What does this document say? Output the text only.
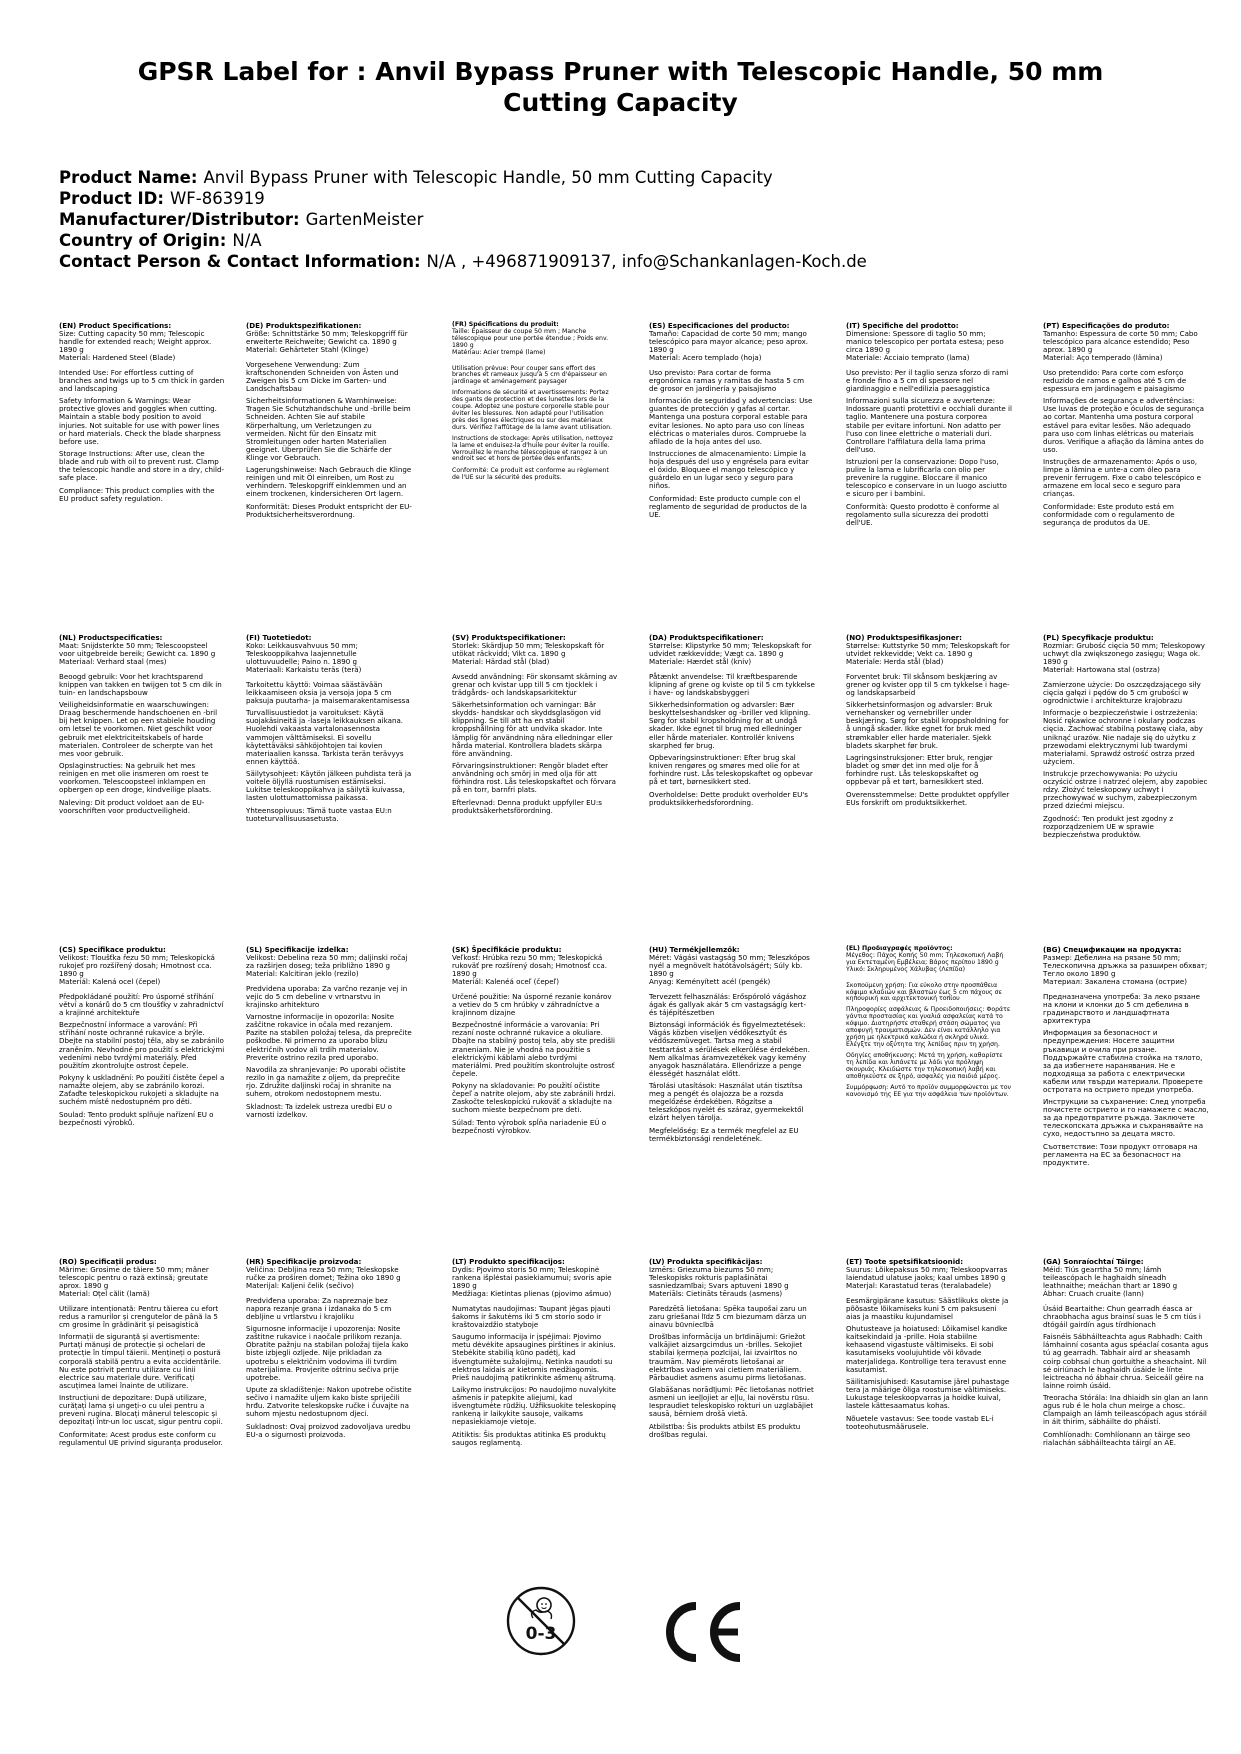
GPSR Label for : Anvil Bypass Pruner with Telescopic Handle, 50 mm Cutting Capacity
Product Name: Anvil Bypass Pruner with Telescopic Handle, 50 mm Cutting Capacity
Product ID: WF-863919
Manufacturer/Distributor: GartenMeister
Country of Origin: N/A
Contact Person & Contact Information: N/A , +496871909137, info@Schankanlagen-Koch.de
(EN) Product Specifications:

Size: Cutting capacity 50 mm; Telescopic handle for extended reach; Weight approx. 1890 g

Material: Hardened Steel (Blade)

Intended Use: For effortless cutting of branches and twigs up to 5 cm thick in garden and landscaping

Safety Information & Warnings: Wear protective gloves and goggles when cutting. Maintain a stable body position to avoid injuries. Not suitable for use with power lines or hard materials. Check the blade sharpness before use.

Storage Instructions: After use, clean the blade and rub with oil to prevent rust. Clamp the telescopic handle and store in a dry, child-safe place.

Compliance: This product complies with the EU product safety regulation.

(DE) Produktspezifikationen:

Größe: Schnittstärke 50 mm; Teleskopgriff für erweiterte Reichweite; Gewicht ca. 1890 g

Material: Gehärteter Stahl (Klinge)

Vorgesehene Verwendung: Zum kraftschonenden Schneiden von Ästen und Zweigen bis 5 cm Dicke im Garten- und Landschaftsbau

Sicherheitsinformationen & Warnhinweise: Tragen Sie Schutzhandschuhe und -brille beim Schneiden. Achten Sie auf stabile Körperhaltung, um Verletzungen zu vermeiden. Nicht für den Einsatz mit Stromleitungen oder harten Materialien geeignet. Überprüfen Sie die Schärfe der Klinge vor Gebrauch.

Lagerungshinweise: Nach Gebrauch die Klinge reinigen und mit Öl einreiben, um Rost zu verhindern. Teleskopgriff einklemmen und an einem trockenen, kindersicheren Ort lagern.

Konformität: Dieses Produkt entspricht der EU-Produktsicherheitsverordnung.

(FR) Spécifications du produit:

Taille: Épaisseur de coupe 50 mm ; Manche télescopique pour une portée étendue ; Poids env. 1890 g

Matériau: Acier trempé (lame)

Utilisation prévue: Pour couper sans effort des branches et rameaux jusqu'à 5 cm d'épaisseur en jardinage et aménagement paysager

Informations de sécurité et avertissements: Portez des gants de protection et des lunettes lors de la coupe. Adoptez une posture corporelle stable pour éviter les blessures. Non adapté pour l'utilisation près des lignes électriques ou sur des matériaux durs. Vérifiez l'affûtage de la lame avant utilisation.

Instructions de stockage: Après utilisation, nettoyez la lame et enduisez-la d'huile pour éviter la rouille. Verrouillez le manche télescopique et rangez à un endroit sec et hors de portée des enfants.

Conformité: Ce produit est conforme au règlement de l'UE sur la sécurité des produits.

(ES) Especificaciones del producto:

Tamaño: Capacidad de corte 50 mm; mango telescópico para mayor alcance; peso aprox. 1890 g

Material: Acero templado (hoja)

Uso previsto: Para cortar de forma ergonómica ramas y ramitas de hasta 5 cm de grosor en jardinería y paisajismo

Información de seguridad y advertencias: Use guantes de protección y gafas al cortar. Mantenga una postura corporal estable para evitar lesiones. No apto para uso con líneas eléctricas o materiales duros. Compruebe la afilado de la hoja antes del uso.

Instrucciones de almacenamiento: Limpie la hoja después del uso y engrésela para evitar el óxido. Bloquee el mango telescópico y guárdelo en un lugar seco y seguro para niños.

Conformidad: Este producto cumple con el reglamento de seguridad de productos de la UE.

(IT) Specifiche del prodotto:

Dimensione: Spessore di taglio 50 mm; manico telescopico per portata estesa; peso circa 1890 g

Materiale: Acciaio temprato (lama)

Uso previsto: Per il taglio senza sforzo di rami e fronde fino a 5 cm di spessore nel giardinaggio e nell'edilizia paesaggistica

Informazioni sulla sicurezza e avvertenze: Indossare guanti protettivi e occhiali durante il taglio. Mantenere una postura corporea stabile per evitare infortuni. Non adatto per l'uso con linee elettriche o materiali duri. Controllare l'affilatura della lama prima dell'uso.

Istruzioni per la conservazione: Dopo l'uso, pulire la lama e lubrificarla con olio per prevenire la ruggine. Bloccare il manico telescopico e conservare in un luogo asciutto e sicuro per i bambini.

Conformità: Questo prodotto è conforme al regolamento sulla sicurezza dei prodotti dell'UE.

(PT) Especificações do produto:

Tamanho: Espessura de corte 50 mm; Cabo telescópico para alcance estendido; Peso aprox. 1890 g

Material: Aço temperado (lâmina)

Uso pretendido: Para corte com esforço reduzido de ramos e galhos até 5 cm de espessura em jardinagem e paisagismo

Informações de segurança e advertências: Use luvas de proteção e óculos de segurança ao cortar. Mantenha uma postura corporal estável para evitar lesões. Não adequado para uso com linhas elétricas ou materiais duros. Verifique a afiação da lâmina antes do uso.

Instruções de armazenamento: Após o uso, limpe a lâmina e unte-a com óleo para prevenir ferrugem. Fixe o cabo telescópico e armazene em local seco e seguro para crianças.

Conformidade: Este produto está em conformidade com o regulamento de segurança de produtos da UE.

(NL) Productspecificaties:

Maat: Snijdsterkte 50 mm; Telescoopsteel voor uitgebreide bereik; Gewicht ca. 1890 g

Materiaal: Verhard staal (mes)

Beoogd gebruik: Voor het krachtsparend knippen van takken en twijgen tot 5 cm dik in tuin- en landschapsbouw

Veiligheidsinformatie en waarschuwingen: Draag beschermende handschoenen en -bril bij het knippen. Let op een stabiele houding om letsel te voorkomen. Niet geschikt voor gebruik met elektriciteitskabels of harde materialen. Controleer de scherpte van het mes voor gebruik.

Opslaginstructies: Na gebruik het mes reinigen en met olie insmeren om roest te voorkomen. Telescoopsteel inklampen en opbergen op een droge, kindveilige plaats.

Naleving: Dit product voldoet aan de EU-voorschriften voor productveiligheid.

(FI) Tuotetiedot:

Koko: Leikkausvahvuus 50 mm; Teleskooppikahva laajennetulle ulottuvuudelle; Paino n. 1890 g

Materiaali: Karkaistu teräs (terä)

Tarkoitettu käyttö: Voimaa säästävään leikkaamiseen oksia ja versoja jopa 5 cm paksuja puutarha- ja maisemarakentamisessa

Turvallisuustiedot ja varoitukset: Käytä suojakäsineitä ja -laseja leikkauksen aikana. Huolehdi vakaasta vartalonasennosta vammojen välttämiseksi. Ei sovellu käytettäväksi sähköjohtojen tai kovien materiaalien kanssa. Tarkista terän terävyys ennen käyttöä.

Säilytysohjeet: Käytön jälkeen puhdista terä ja voitele öljyllä ruostumisen estämiseksi. Lukitse teleskooppikahva ja säilytä kuivassa, lasten ulottumattomissa paikassa.

Yhteensopivuus: Tämä tuote vastaa EU:n tuoteturvallisuusasetusta.

(SV) Produktspecifikationer:

Storlek: Skärdjup 50 mm; Teleskopskaft för utökat räckvidd; Vikt ca. 1890 g

Material: Härdad stål (blad)

Avsedd användning: För skonsamt skärning av grenar och kvistar upp till 5 cm tjocklek i trädgårds- och landskapsarkitektur

Säkerhetsinformation och varningar: Bär skydds- handskar och skyddsglasögon vid klippning. Se till att ha en stabil kroppshållning för att undvika skador. Inte lämplig för användning nära elledningar eller hårda material. Kontrollera bladets skärpa före användning.

Förvaringsinstruktioner: Rengör bladet efter användning och smörj in med olja för att förhindra rost. Lås teleskopskaftet och förvara på en torr, barnfri plats.

Efterlevnad: Denna produkt uppfyller EU:s produktsäkerhetsförordning.

(DA) Produktspecifikationer:

Størrelse: Klipstyrke 50 mm; Teleskopskaft for udvidet rækkevidde; Vægt ca. 1890 g

Materiale: Hærdet stål (kniv)

Påtænkt anvendelse: Til kræftbesparende klipning af grene og kviste op til 5 cm tykkelse i have- og landskabsbyggeri

Sikkerhedsinformation og advarsler: Bær beskyttelseshandsker og -briller ved klipning. Sørg for stabil kropsholdning for at undgå skader. Ikke egnet til brug med elledninger eller hårde materialer. Kontrollér knivens skarphed før brug.

Opbevaringsinstruktioner: Efter brug skal kniven rengøres og smøres med olie for at forhindre rust. Lås teleskopskaftet og opbevar på et tørt, børnesikkert sted.

Overholdelse: Dette produkt overholder EU's produktsikkerhedsforordning.

(NO) Produktspesifikasjoner:

Størrelse: Kuttstyrke 50 mm; Teleskopskaft for utvidet rekkevidde; Vekt ca. 1890 g

Materiale: Herda stål (blad)

Forventet bruk: Til skånsom beskjæring av grener og kvister opp til 5 cm tykkelse i hage- og landskapsarbeid

Sikkerhetsinformasjon og advarsler: Bruk vernehansker og vernebriller under beskjæring. Sørg for stabil kroppsholdning for å unngå skader. Ikke egnet for bruk med strømkabler eller harde materialer. Sjekk bladets skarphet før bruk.

Lagringsinstruksjoner: Etter bruk, rengjør bladet og smør det inn med olje for å forhindre rust. Lås teleskopskaftet og oppbevar på et tørt, barnesikkert sted.

Overensstemmelse: Dette produktet oppfyller EUs forskrift om produktsikkerhet.

(PL) Specyfikacje produktu:

Rozmiar: Grubość cięcia 50 mm; Teleskopowy uchwyt dla zwiększonego zasięgu; Waga ok. 1890 g

Materiał: Hartowana stal (ostrza)

Zamierzone użycie: Do oszczędzającego siły cięcia gałęzi i pędów do 5 cm grubości w ogrodnictwie i architekturze krajobrazu

Informacje o bezpieczeństwie i ostrzeżenia: Nosić rękawice ochronne i okulary podczas cięcia. Zachować stabilną postawę ciała, aby uniknąć urazów. Nie nadaje się do użytku z przewodami elektrycznymi lub twardymi materiałami. Sprawdź ostrość ostrza przed użyciem.

Instrukcje przechowywania: Po użyciu oczyścić ostrze i natrzeć olejem, aby zapobiec rdzy. Złożyć teleskopowy uchwyt i przechowywać w suchym, zabezpieczonym przed dziećmi miejscu.

Zgodność: Ten produkt jest zgodny z rozporządzeniem UE w sprawie bezpieczeństwa produktów.

(CS) Specifikace produktu:

Velikost: Tloušťka řezu 50 mm; Teleskopická rukojeť pro rozšířený dosah; Hmotnost cca. 1890 g

Materiál: Kalená ocel (čepel)

Předpokládané použití: Pro úsporné stříhání větví a konárů do 5 cm tloušťky v zahradnictví a krajinné architektuře

Bezpečnostní informace a varování: Při stříhání noste ochranné rukavice a brýle. Dbejte na stabilní postoj těla, aby se zabránilo zraněním. Nevhodné pro použití s elektrickými vedeními nebo tvrdými materiály. Před použitím zkontrolujte ostrost čepele.

Pokyny k uskladnění: Po použití čistěte čepel a namažte olejem, aby se zabránilo korozi. Zaťaďte teleskopickou rukojeti a skladujte na suchém místě nedostupném pro děti.

Soulad: Tento produkt splňuje nařízení EU o bezpečnosti výrobků.

(SL) Specifikacije izdelka:

Velikost: Debelina reza 50 mm; daljinski ročaj za razširjen doseg; teža približno 1890 g

Material: Kalcitiran jeklo (rezilo)

Predvidena uporaba: Za varčno rezanje vej in vejic do 5 cm debeline v vrtnarstvu in krajinsko arhitekturo

Varnostne informacije in opozorila: Nosite zaščitne rokavice in očala med rezanjem. Pazite na stabilen položaj telesa, da preprečite poškodbe. Ni primerno za uporabo blizu električnih vodov ali trdih materialov. Preverite ostrino rezila pred uporabo.

Navodila za shranjevanje: Po uporabi očistite rezilo in ga namažite z oljem, da preprečite rjo. Združite daljinski ročaj in shranite na suhem, otrokom nedostopnem mestu.

Skladnost: Ta izdelek ustreza uredbi EU o varnosti izdelkov.

(SK) Špecifikácie produktu:

Veľkosť: Hrúbka rezu 50 mm; Teleskopická rukoväť pre rozšírený dosah; Hmotnosť cca. 1890 g

Materiál: Kalenéá oceľ (čepeľ)

Určené použitie: Na úsporné rezanie konárov a vetiev do 5 cm hrúbky v záhradníctve a krajinnom dizajne

Bezpečnostné informácie a varovania: Pri rezaní noste ochranné rukavice a okuliare. Dbajte na stabilný postoj tela, aby ste predišli zraneniam. Nie je vhodná na použitie s elektrickými káblami alebo tvrdými materiálmi. Pred použitím skontrolujte ostrosť čepele.

Pokyny na skladovanie: Po použití očistite čepeľ a natrite olejom, aby ste zabránili hrdzi. Zaskočte teleskopickú rukoväť a skladujte na suchom mieste bezpečnom pre deti.

Súlad: Tento výrobok spĺňa nariadenie EÚ o bezpečnosti výrobkov.

(HU) Termékjellemzők:

Méret: Vágási vastagság 50 mm; Teleszkópos nyél a megnövelt hatótávolságért; Súly kb. 1890 g

Anyag: Keményített acél (pengék)

Tervezett felhasználás: Erőspóroló vágáshoz ágak és gallyak akár 5 cm vastagságig kert- és tájépítészetben

Biztonsági információk és figyelmeztetések: Vágás közben viseljen védőkesztyűt és védőszemüveget. Tartsa meg a stabil testtartást a sérülések elkerülése érdekében. Nem alkalmas áramvezetékek vagy kemény anyagok használatára. Ellenőrizze a penge élességét használat előtt.

Tárolási utasítások: Használat után tisztítsa meg a pengét és olajozza be a rozsda megelőzése érdekében. Rögzítse a teleszkópos nyelét és száraz, gyermekektől elzárt helyen tárolja.

Megfelelőség: Ez a termék megfelel az EU termékbiztonsági rendeletének.

(EL) Προδιαγραφές προϊόντος:

Μέγεθος: Πάχος Κοπής 50 mm; Τηλεσκοπική Λαβή για Εκτεταμένη Εμβέλεια; Βάρος περίπου 1890 g

Υλικό: Σκληρυμένος Χάλυβας (Λεπίδα)

Σκοπούμενη χρήση: Για εύκολο στην προσπάθεια κόψιμο κλαδιών και βλαστών έως 5 cm πάχους σε κηπουρική και αρχιτεκτονική τοπίου

Πληροφορίες ασφάλειας & Προειδοποιήσεις: Φοράτε γάντια προστασίας και γυαλιά ασφαλείας κατά το κόψιμο. Διατηρήστε σταθερή στάση σώματος για αποφυγή τραυματισμών. Δεν είναι κατάλληλο για χρήση με ηλεκτρικά καλώδια ή σκληρά υλικά. Ελέγξτε την οξύτητα της λεπίδας πριν τη χρήση.

Οδηγίες αποθήκευσης: Μετά τη χρήση, καθαρίστε τη λεπίδα και λιπάνετε με λάδι για πρόληψη σκουριάς. Κλειδώστε την τηλεσκοπική λαβή και αποθηκεύστε σε ξηρό, ασφαλές για παιδιά μέρος.

Συμμόρφωση: Αυτό το προϊόν συμμορφώνεται με τον κανονισμό της ΕΕ για την ασφάλεια των προϊόντων.

(BG) Спецификации на продукта:

Размер: Дебелина на рязане 50 mm; Телескопична дръжка за разширен обхват; Тегло около 1890 g

Материал: Закалена стомана (острие)

Предназначена употреба: За леко рязане на клони и клонки до 5 cm дебелина в градинарството и ландшафтната архитектура

Информация за безопасност и предупреждения: Носете защитни ръкавици и очила при рязане. Поддържайте стабилна стойка на тялото, за да избегнете наранявания. Не е подходяща за работа с електрически кабели или твърди материали. Проверете остротата на острието преди употреба.

Инструкции за съхранение: След употреба почистете острието и го намажете с масло, за да предотвратите ръжда. Заключете телескопската дръжка и съхранявайте на сухо, недостъпно за децата място.

Съответствие: Този продукт отговаря на регламента на ЕС за безопасност на продуктите.

(RO) Specificații produs:

Mărime: Grosime de tăiere 50 mm; mâner telescopic pentru o rază extinsă; greutate aprox. 1890 g

Material: Oțel călit (lamă)

Utilizare intenționată: Pentru tăierea cu efort redus a ramurilor și crengutelor de până la 5 cm grosime în grădinărit și peisagistică

Informații de siguranță și avertismente: Purtați mănuși de protecție și ochelari de protecție în timpul tăierii. Mențineți o postură corporală stabilă pentru a evita accidentările. Nu este potrivit pentru utilizare cu linii electrice sau materiale dure. Verificați ascuțimea lamei înainte de utilizare.

Instrucțiuni de depozitare: După utilizare, curățați lama și ungeți-o cu ulei pentru a preveni rugina. Blocați mânerul telescopic și depozitați într-un loc uscat, sigur pentru copii.

Conformitate: Acest produs este conform cu regulamentul UE privind siguranța produselor.

(HR) Specifikacije proizvoda:

Veličina: Debljina reza 50 mm; Teleskopske ručke za proširen domet; Težina oko 1890 g

Materijal: Kaljeni čelik (sečivo)

Predviđena uporaba: Za napreznaje bez napora rezanje grana i izdanaka do 5 cm debljine u vrtlarstvu i krajoliku

Sigurnosne informacije i upozorenja: Nosite zaštitne rukavice i naočale prilikom rezanja. Obratite pažnju na stabilan položaj tijela kako biste izbjegli ozljede. Nije prikladan za upotrebu s električnim vodovima ili tvrdim materijalima. Provjerite oštrinu sečiva prije upotrebe.

Upute za skladištenje: Nakon upotrebe očistite sečivo i namažite uljem kako biste spriječili hrđu. Zatvorite teleskopske ručke i čuvajte na suhom mjestu nedostupnom djeci.

Sukladnost: Ovaj proizvod zadovoljava uredbu EU-a o sigurnosti proizvoda.

(LT) Produkto specifikacijos:

Dydis: Pjovimo storis 50 mm; Teleskopinė rankena išplėstai pasiekiamumui; svoris apie 1890 g

Medžiaga: Kietintas plienas (pjovimo ašmuo)

Numatytas naudojimas: Taupant jėgas pjauti šakoms ir šakutėms iki 5 cm storio sodo ir kraštovaizdžio statyboje

Saugumo informacija ir įspėjimai: Pjovimo metu dėvėkite apsaugines pirštines ir akinius. Stebėkite stabilią kūno padėtį, kad išvengtumėte sužalojimų. Netinka naudoti su elektros laidais ar kietomis medžiagomis. Prieš naudojimą patikrinkite ašmenų aštrumą.

Laikymo instrukcijos: Po naudojimo nuvalykite ašmenis ir patepkite aliejumi, kad išvengtumėte rūdžių. Užfiksuokite teleskopinę rankeną ir laikykite sausoje, vaikams nepasiekiamoje vietoje.

Atitiktis: Šis produktas atitinka ES produktų saugos reglamentą.

(LV) Produkta specifikācijas:

Izmērs: Griezuma biezums 50 mm; Teleskopisks rokturis paplašinātai sasniedzamībai; Svars aptuveni 1890 g

Materiāls: Cietināts tērauds (asmens)

Paredzētā lietošana: Spēka taupošai zaru un zaru griešanai līdz 5 cm biezumam dārza un ainavu būvniecībā

Drošības informācija un brīdinājumi: Griežot valkājiet aizsargcimdus un -brilles. Sekojiet stabilai ķermeņa pozīcijai, lai izvairītos no traumām. Nav piemērots lietošanai ar elektrības vadiem vai cietiem materiāliem. Pārbaudiet asmens asumu pirms lietošanas.

Glabāšanas norādījumi: Pēc lietošanas notīriet asmeni un ieeļļojiet ar eļļu, lai novērstu rūsu. Iespraudiet teleskopisko rokturi un uzglabājiet sausā, bērniem drošā vietā.

Atbilstība: Šis produkts atbilst ES produktu drošības regulai.

(ET) Toote spetsifikatsioonid:

Suurus: Lõikepaksus 50 mm; Teleskoopvarras laiendatud ulatuse jaoks; kaal umbes 1890 g

Materjal: Karastatud teras (teralabadele)

Eesmärgipärane kasutus: Säästlikuks okste ja põõsaste lõikamiseks kuni 5 cm paksuseni aias ja maastiku kujundamisel

Ohutusteave ja hoiatused: Lõikamisel kandke kaitsekindaid ja -prille. Hoia stabiilne kehaasend vigastuste vältimiseks. Ei sobi kasutamiseks voolujuhtide või kõvade materjalidega. Kontrollige tera teravust enne kasutamist.

Säilitamisjuhised: Kasutamise järel puhastage tera ja määrige õliga roostumise vältimiseks. Lukustage teleskoopvarras ja hoidke kuival, lastele kättesaamatus kohas.

Nõuetele vastavus: See toode vastab EL-i tooteohutusmäärusele.

(GA) Sonraíochtaí Táirge:

Méid: Tiús gearrtha 50 mm; lámh teileascópach le haghaidh síneadh leathnaithe; meáchan thart ar 1890 g

Ábhar: Cruach cruaite (lann)

Úsáid Beartaithe: Chun gearradh éasca ar chraobhacha agus brainsí suas le 5 cm tiús i dtógáil gairdín agus tírdhionach

Faisnéis Sábháilteachta agus Rabhadh: Caith lámhainní cosanta agus spéaclaí cosanta agus tú ag gearradh. Tabhair aird ar sheasamh coirp cobhsaí chun gortuithe a sheachaint. Níl sé oiriúnach le haghaidh úsáide le línte leictreacha nó ábhair chrua. Seiceáil géire na lainne roimh úsáid.

Treoracha Stórála: Ina dhiaidh sin glan an lann agus rub é le hola chun meirge a chosc. Clampaigh an lámh teileascópach agus stóráil in áit thirim, sábháilte do pháistí.

Comhlíonadh: Comhlíonann an táirge seo rialachán sábháilteachta táirgí an AE.

0-3
